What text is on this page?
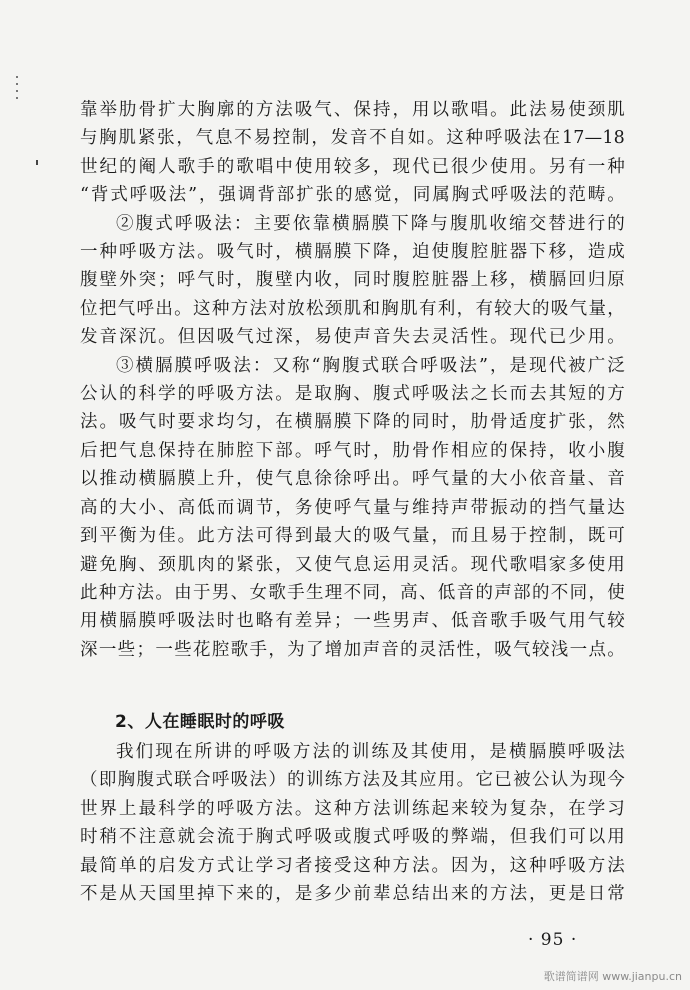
靠举肋骨扩大胸廓的方法吸气、保持，用以歌唱。此法易使颈肌
与胸肌紧张，气息不易控制，发音不自如。这种呼吸法在17—18
世纪的阉人歌手的歌唱中使用较多，现代已很少使用。另有一种
“背式呼吸法”，强调背部扩张的感觉，同属胸式呼吸法的范畴。
②腹式呼吸法：主要依靠横膈膜下降与腹肌收缩交替进行的
一种呼吸方法。吸气时，横膈膜下降，迫使腹腔脏器下移，造成
腹壁外突；呼气时，腹壁内收，同时腹腔脏器上移，横膈回归原
位把气呼出。这种方法对放松颈肌和胸肌有利，有较大的吸气量，
发音深沉。但因吸气过深，易使声音失去灵活性。现代已少用。
③横膈膜呼吸法：又称“胸腹式联合呼吸法”，是现代被广泛
公认的科学的呼吸方法。是取胸、腹式呼吸法之长而去其短的方
法。吸气时要求均匀，在横膈膜下降的同时，肋骨适度扩张，然
后把气息保持在肺腔下部。呼气时，肋骨作相应的保持，收小腹
以推动横膈膜上升，使气息徐徐呼出。呼气量的大小依音量、音
高的大小、高低而调节，务使呼气量与维持声带振动的挡气量达
到平衡为佳。此方法可得到最大的吸气量，而且易于控制，既可
避免胸、颈肌肉的紧张，又使气息运用灵活。现代歌唱家多使用
此种方法。由于男、女歌手生理不同，高、低音的声部的不同，使
用横膈膜呼吸法时也略有差异；一些男声、低音歌手吸气用气较
深一些；一些花腔歌手，为了增加声音的灵活性，吸气较浅一点。
2、人在睡眠时的呼吸
我们现在所讲的呼吸方法的训练及其使用，是横膈膜呼吸法
（即胸腹式联合呼吸法）的训练方法及其应用。它已被公认为现今
世界上最科学的呼吸方法。这种方法训练起来较为复杂，在学习
时稍不注意就会流于胸式呼吸或腹式呼吸的弊端，但我们可以用
最简单的启发方式让学习者接受这种方法。因为，这种呼吸方法
不是从天国里掉下来的，是多少前辈总结出来的方法，更是日常
· 95 ·
歌谱简谱网 www.jianpu.cn
